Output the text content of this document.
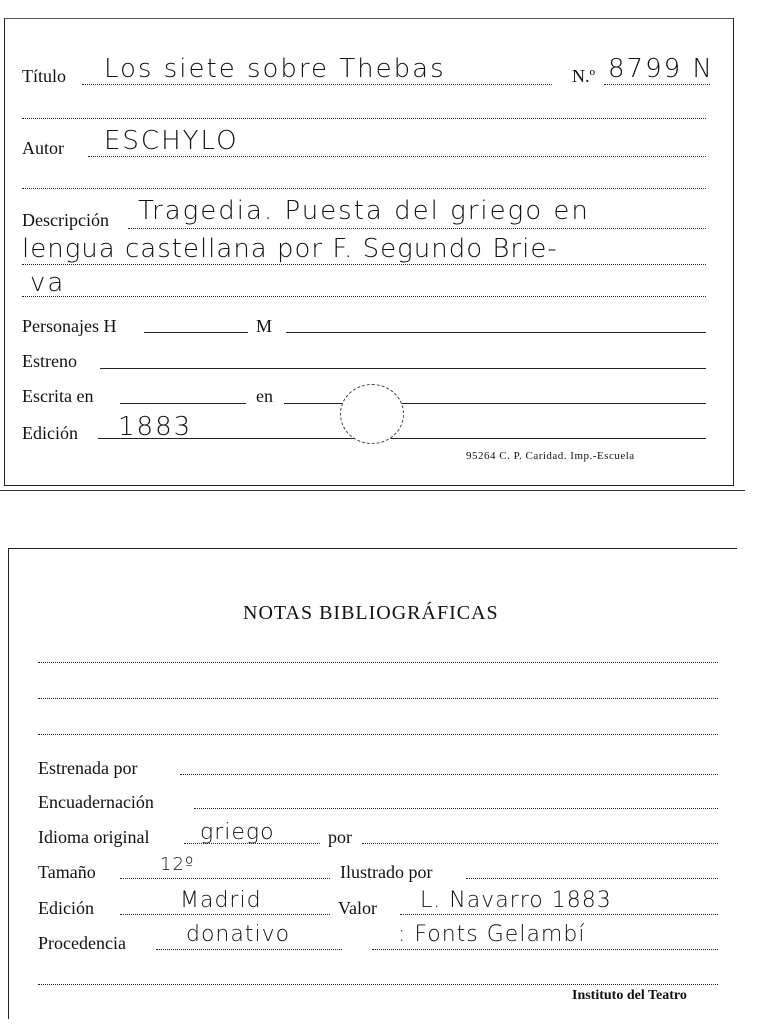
Título Los siete sobre Thebas	N.º 8799 N
Autor ESCHYLO
Descripción Tragedia. Puesta del griego en
lengua castellana por F. Segundo Brie-
va
Personajes H	M
Estreno
Escrita en	en
Edición 1883
95264 C. P. Caridad. Imp.-Escuela
NOTAS BIBLIOGRÁFICAS
Estrenada por
Encuadernación
Idioma original griego	por
Tamaño	12º	Ilustrado por
Edición	Madrid	Valor L. Navarro 1883
Procedencia	donativo	: Fonts Gelambí
Instituto del Teatro
